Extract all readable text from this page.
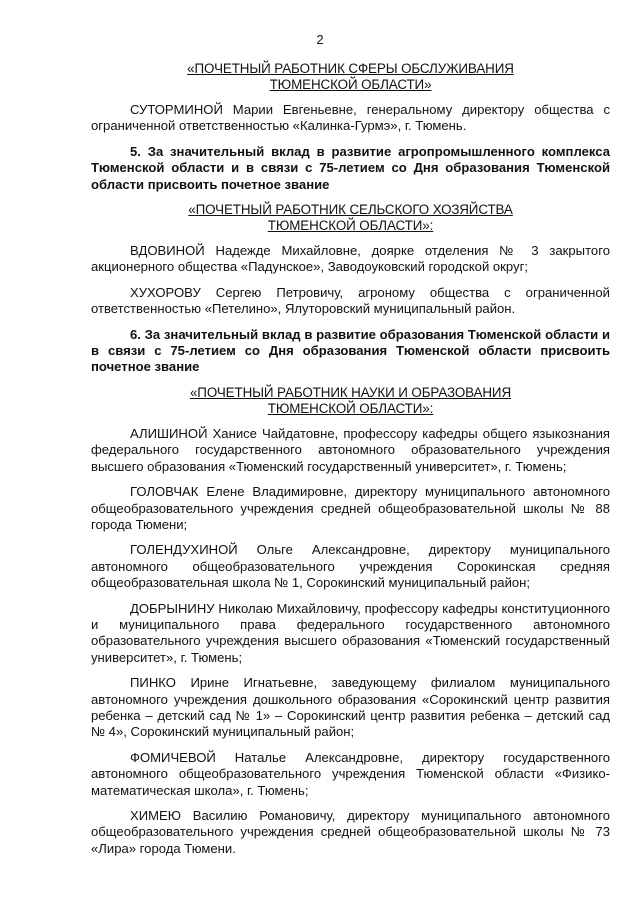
2

«ПОЧЕТНЫЙ РАБОТНИК СФЕРЫ ОБСЛУЖИВАНИЯ

ТЮМЕНСКОЙ ОБЛАСТИ»

СУТОРМИНОЙ Марии Евгеньевне, генеральному директору общества с ограниченной ответственностью «Калинка-Гурмэ», г. Тюмень.

5. За значительный вклад в развитие агропромышленного комплекса Тюменской области и в связи с 75-летием со Дня образования Тюменской области присвоить почетное звание

«ПОЧЕТНЫЙ РАБОТНИК СЕЛЬСКОГО ХОЗЯЙСТВА

ТЮМЕНСКОЙ ОБЛАСТИ»:

ВДОВИНОЙ Надежде Михайловне, доярке отделения № 3 закрытого акционерного общества «Падунское», Заводоуковский городской округ;

ХУХОРОВУ Сергею Петровичу, агроному общества с ограниченной ответственностью «Петелино», Ялуторовский муниципальный район.

6. За значительный вклад в развитие образования Тюменской области и в связи с 75-летием со Дня образования Тюменской области присвоить почетное звание

«ПОЧЕТНЫЙ РАБОТНИК НАУКИ И ОБРАЗОВАНИЯ

ТЮМЕНСКОЙ ОБЛАСТИ»:

АЛИШИНОЙ Ханисе Чайдатовне, профессору кафедры общего языкознания федерального государственного автономного образовательного учреждения высшего образования «Тюменский государственный университет», г. Тюмень;

ГОЛОВЧАК Елене Владимировне, директору муниципального автономного общеобразовательного учреждения средней общеобразовательной школы № 88 города Тюмени;

ГОЛЕНДУХИНОЙ Ольге Александровне, директору муниципального автономного общеобразовательного учреждения Сорокинская средняя общеобразовательная школа № 1, Сорокинский муниципальный район;

ДОБРЫНИНУ Николаю Михайловичу, профессору кафедры конституционного и муниципального права федерального государственного автономного образовательного учреждения высшего образования «Тюменский государственный университет», г. Тюмень;

ПИНКО Ирине Игнатьевне, заведующему филиалом муниципального автономного учреждения дошкольного образования «Сорокинский центр развития ребенка – детский сад № 1» – Сорокинский центр развития ребенка – детский сад № 4», Сорокинский муниципальный район;

ФОМИЧЕВОЙ Наталье Александровне, директору государственного автономного общеобразовательного учреждения Тюменской области «Физико-математическая школа», г. Тюмень;

ХИМЕЮ Василию Романовичу, директору муниципального автономного общеобразовательного учреждения средней общеобразовательной школы № 73 «Лира» города Тюмени.
